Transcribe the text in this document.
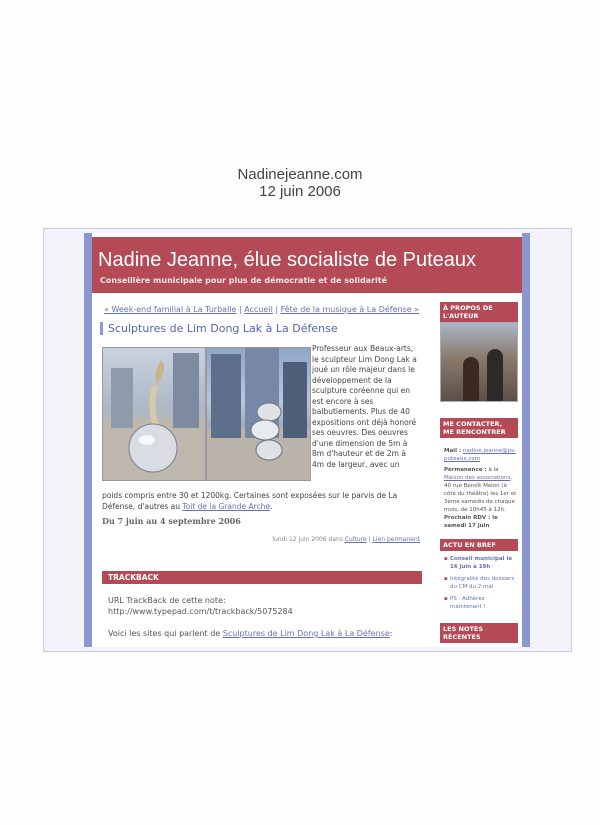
Nadinejeanne.com
12 juin 2006
Nadine Jeanne, élue socialiste de Puteaux
Conseillère municipale pour plus de démocratie et de solidarité
« Week-end familial à La Turballe | Accueil | Fête de la musique à La Défense »
Sculptures de Lim Dong Lak à La Défense
Professeur aux Beaux-arts, le sculpteur Lim Dong Lak a joué un rôle majeur dans le développement de la sculpture coréenne qui en est encore à ses balbutiements. Plus de 40 expositions ont déjà honoré ses oeuvres. Des oeuvres d'une dimension de 5m à 8m d'hauteur et de 2m à 4m de largeur, avec un
poids compris entre 30 et 1200kg. Certaines sont exposées sur le parvis de La Défense, d'autres au Toit de la Grande Arche.
Du 7 juin au 4 septembre 2006
lundi 12 juin 2006 dans Culture | Lien permanent
TRACKBACK
URL TrackBack de cette note:
http://www.typepad.com/t/trackback/5075284
Voici les sites qui parlent de Sculptures de Lim Dong Lak à La Défense:
À PROPOS DE L'AUTEUR
ME CONTACTER, ME RENCONTRER
Mail : nadine.jeanne@ps-puteaux.com
Permanence : à la Maison des associations, 40 rue Benoît Malon (à côté du théâtre) les 1er et 3ème samedis de chaque mois, de 10h45 à 12h. Prochain RDV : le samedi 17 juin
ACTU EN BREF
▪ Conseil municipal le 16 juin à 19h
▪ Intégralité des dossiers du CM du 2 mai
▪ PS : Adhérez maintenant !
LES NOTES RÉCENTES
